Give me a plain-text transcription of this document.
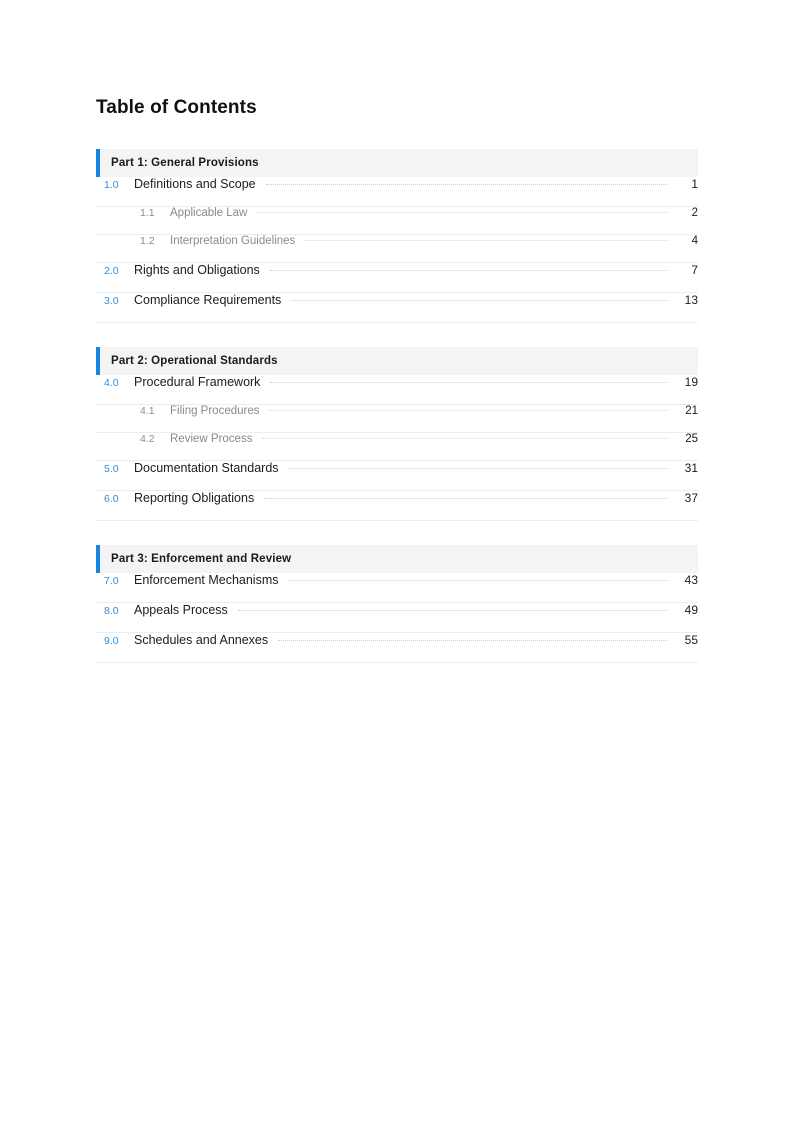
Table of Contents
Part 1: General Provisions
1.0	Definitions and Scope	1
1.1	Applicable Law	2
1.2	Interpretation Guidelines	4
2.0	Rights and Obligations	7
3.0	Compliance Requirements	13
Part 2: Operational Standards
4.0	Procedural Framework	19
4.1	Filing Procedures	21
4.2	Review Process	25
5.0	Documentation Standards	31
6.0	Reporting Obligations	37
Part 3: Enforcement and Review
7.0	Enforcement Mechanisms	43
8.0	Appeals Process	49
9.0	Schedules and Annexes	55
